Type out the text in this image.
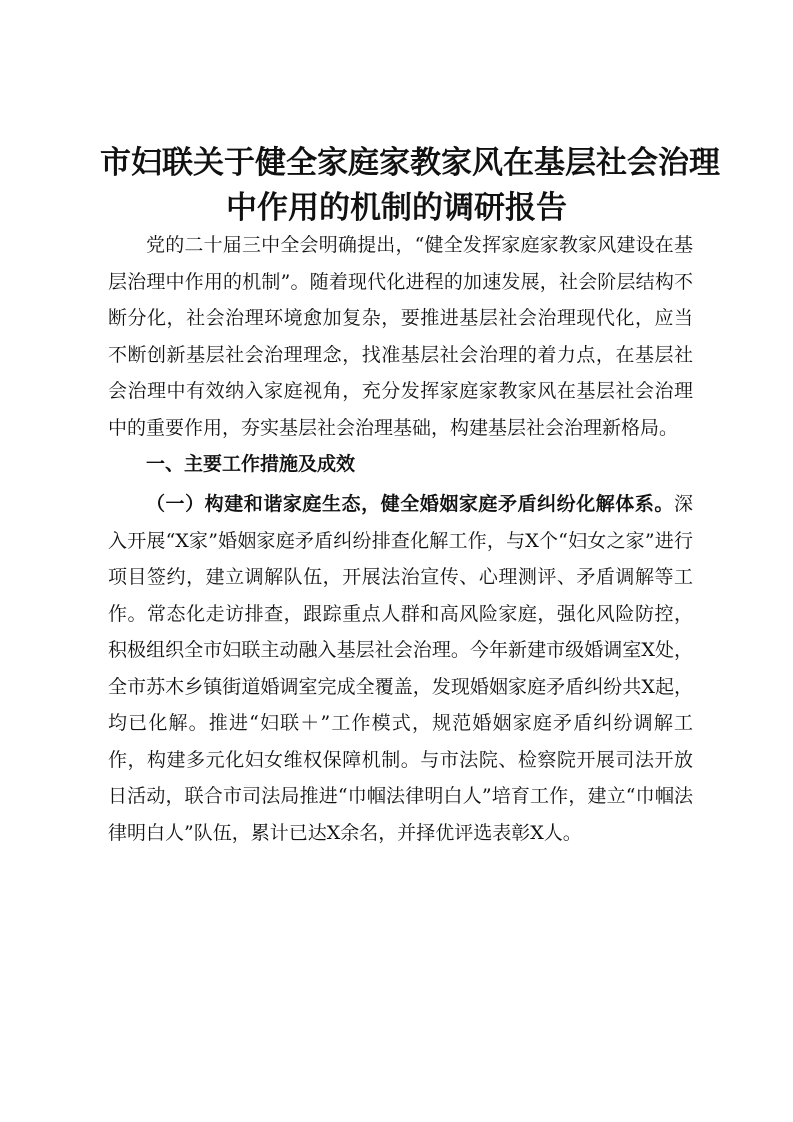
市妇联关于健全家庭家教家风在基层社会治理
中作用的机制的调研报告

党的二十届三中全会明确提出，“健全发挥家庭家教家风建设在基层治理中作用的机制”。随着现代化进程的加速发展，社会阶层结构不断分化，社会治理环境愈加复杂，要推进基层社会治理现代化，应当不断创新基层社会治理理念，找准基层社会治理的着力点，在基层社会治理中有效纳入家庭视角，充分发挥家庭家教家风在基层社会治理中的重要作用，夯实基层社会治理基础，构建基层社会治理新格局。

一、主要工作措施及成效

（一）构建和谐家庭生态，健全婚姻家庭矛盾纠纷化解体系。深入开展“X家”婚姻家庭矛盾纠纷排查化解工作，与X个“妇女之家”进行项目签约，建立调解队伍，开展法治宣传、心理测评、矛盾调解等工作。常态化走访排查，跟踪重点人群和高风险家庭，强化风险防控，积极组织全市妇联主动融入基层社会治理。今年新建市级婚调室X处，全市苏木乡镇街道婚调室完成全覆盖，发现婚姻家庭矛盾纠纷共X起，均已化解。推进“妇联＋”工作模式，规范婚姻家庭矛盾纠纷调解工作，构建多元化妇女维权保障机制。与市法院、检察院开展司法开放日活动，联合市司法局推进“巾帼法律明白人”培育工作，建立“巾帼法律明白人”队伍，累计已达X余名，并择优评选表彰X人。
